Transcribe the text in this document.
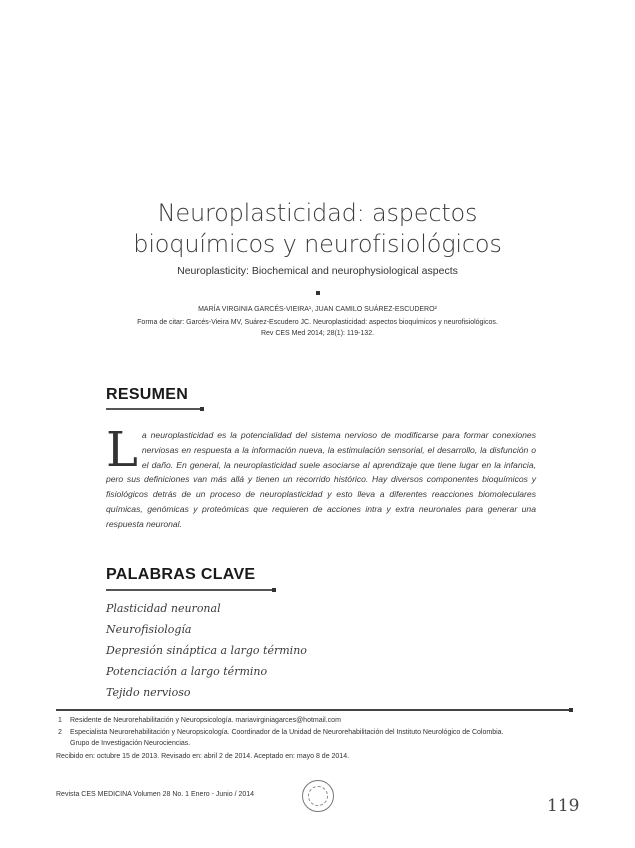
Neuroplasticidad: aspectos
bioquímicos y neurofisiológicos
Neuroplasticity: Biochemical and neurophysiological aspects
MARÍA VIRGINIA GARCÉS-VIEIRA¹, JUAN CAMILO SUÁREZ-ESCUDERO²
Forma de citar: Garcés-Vieira MV, Suárez-Escudero JC. Neuroplasticidad: aspectos bioquímicos y neurofisiológicos.
Rev CES Med 2014; 28(1): 119-132.
RESUMEN
La neuroplasticidad es la potencialidad del sistema nervioso de modificarse para formar conexiones nerviosas en respuesta a la información nueva, la estimulación sensorial, el desarrollo, la disfunción o el daño. En general, la neuroplasticidad suele asociarse al aprendizaje que tiene lugar en la infancia, pero sus definiciones van más allá y tienen un recorrido histórico. Hay diversos componentes bioquímicos y fisiológicos detrás de un proceso de neuroplasticidad y esto lleva a diferentes reacciones biomoleculares químicas, genómicas y proteómicas que requieren de acciones intra y extra neuronales para generar una respuesta neuronal.
PALABRAS CLAVE
Plasticidad neuronal
Neurofisiología
Depresión sináptica a largo término
Potenciación a largo término
Tejido nervioso
1 Residente de Neurorehabilitación y Neuropsicología. mariavirginiagarces@hotmail.com
2 Especialista Neurorehabilitación y Neuropsicología. Coordinador de la Unidad de Neurorehabilitación del Instituto Neurológico de Colombia.
Grupo de Investigación Neurociencias.
Recibido en: octubre 15 de 2013. Revisado en: abril 2 de 2014. Aceptado en: mayo 8 de 2014.
Revista CES MEDICINA Volumen 28 No. 1 Enero - Junio / 2014
119
